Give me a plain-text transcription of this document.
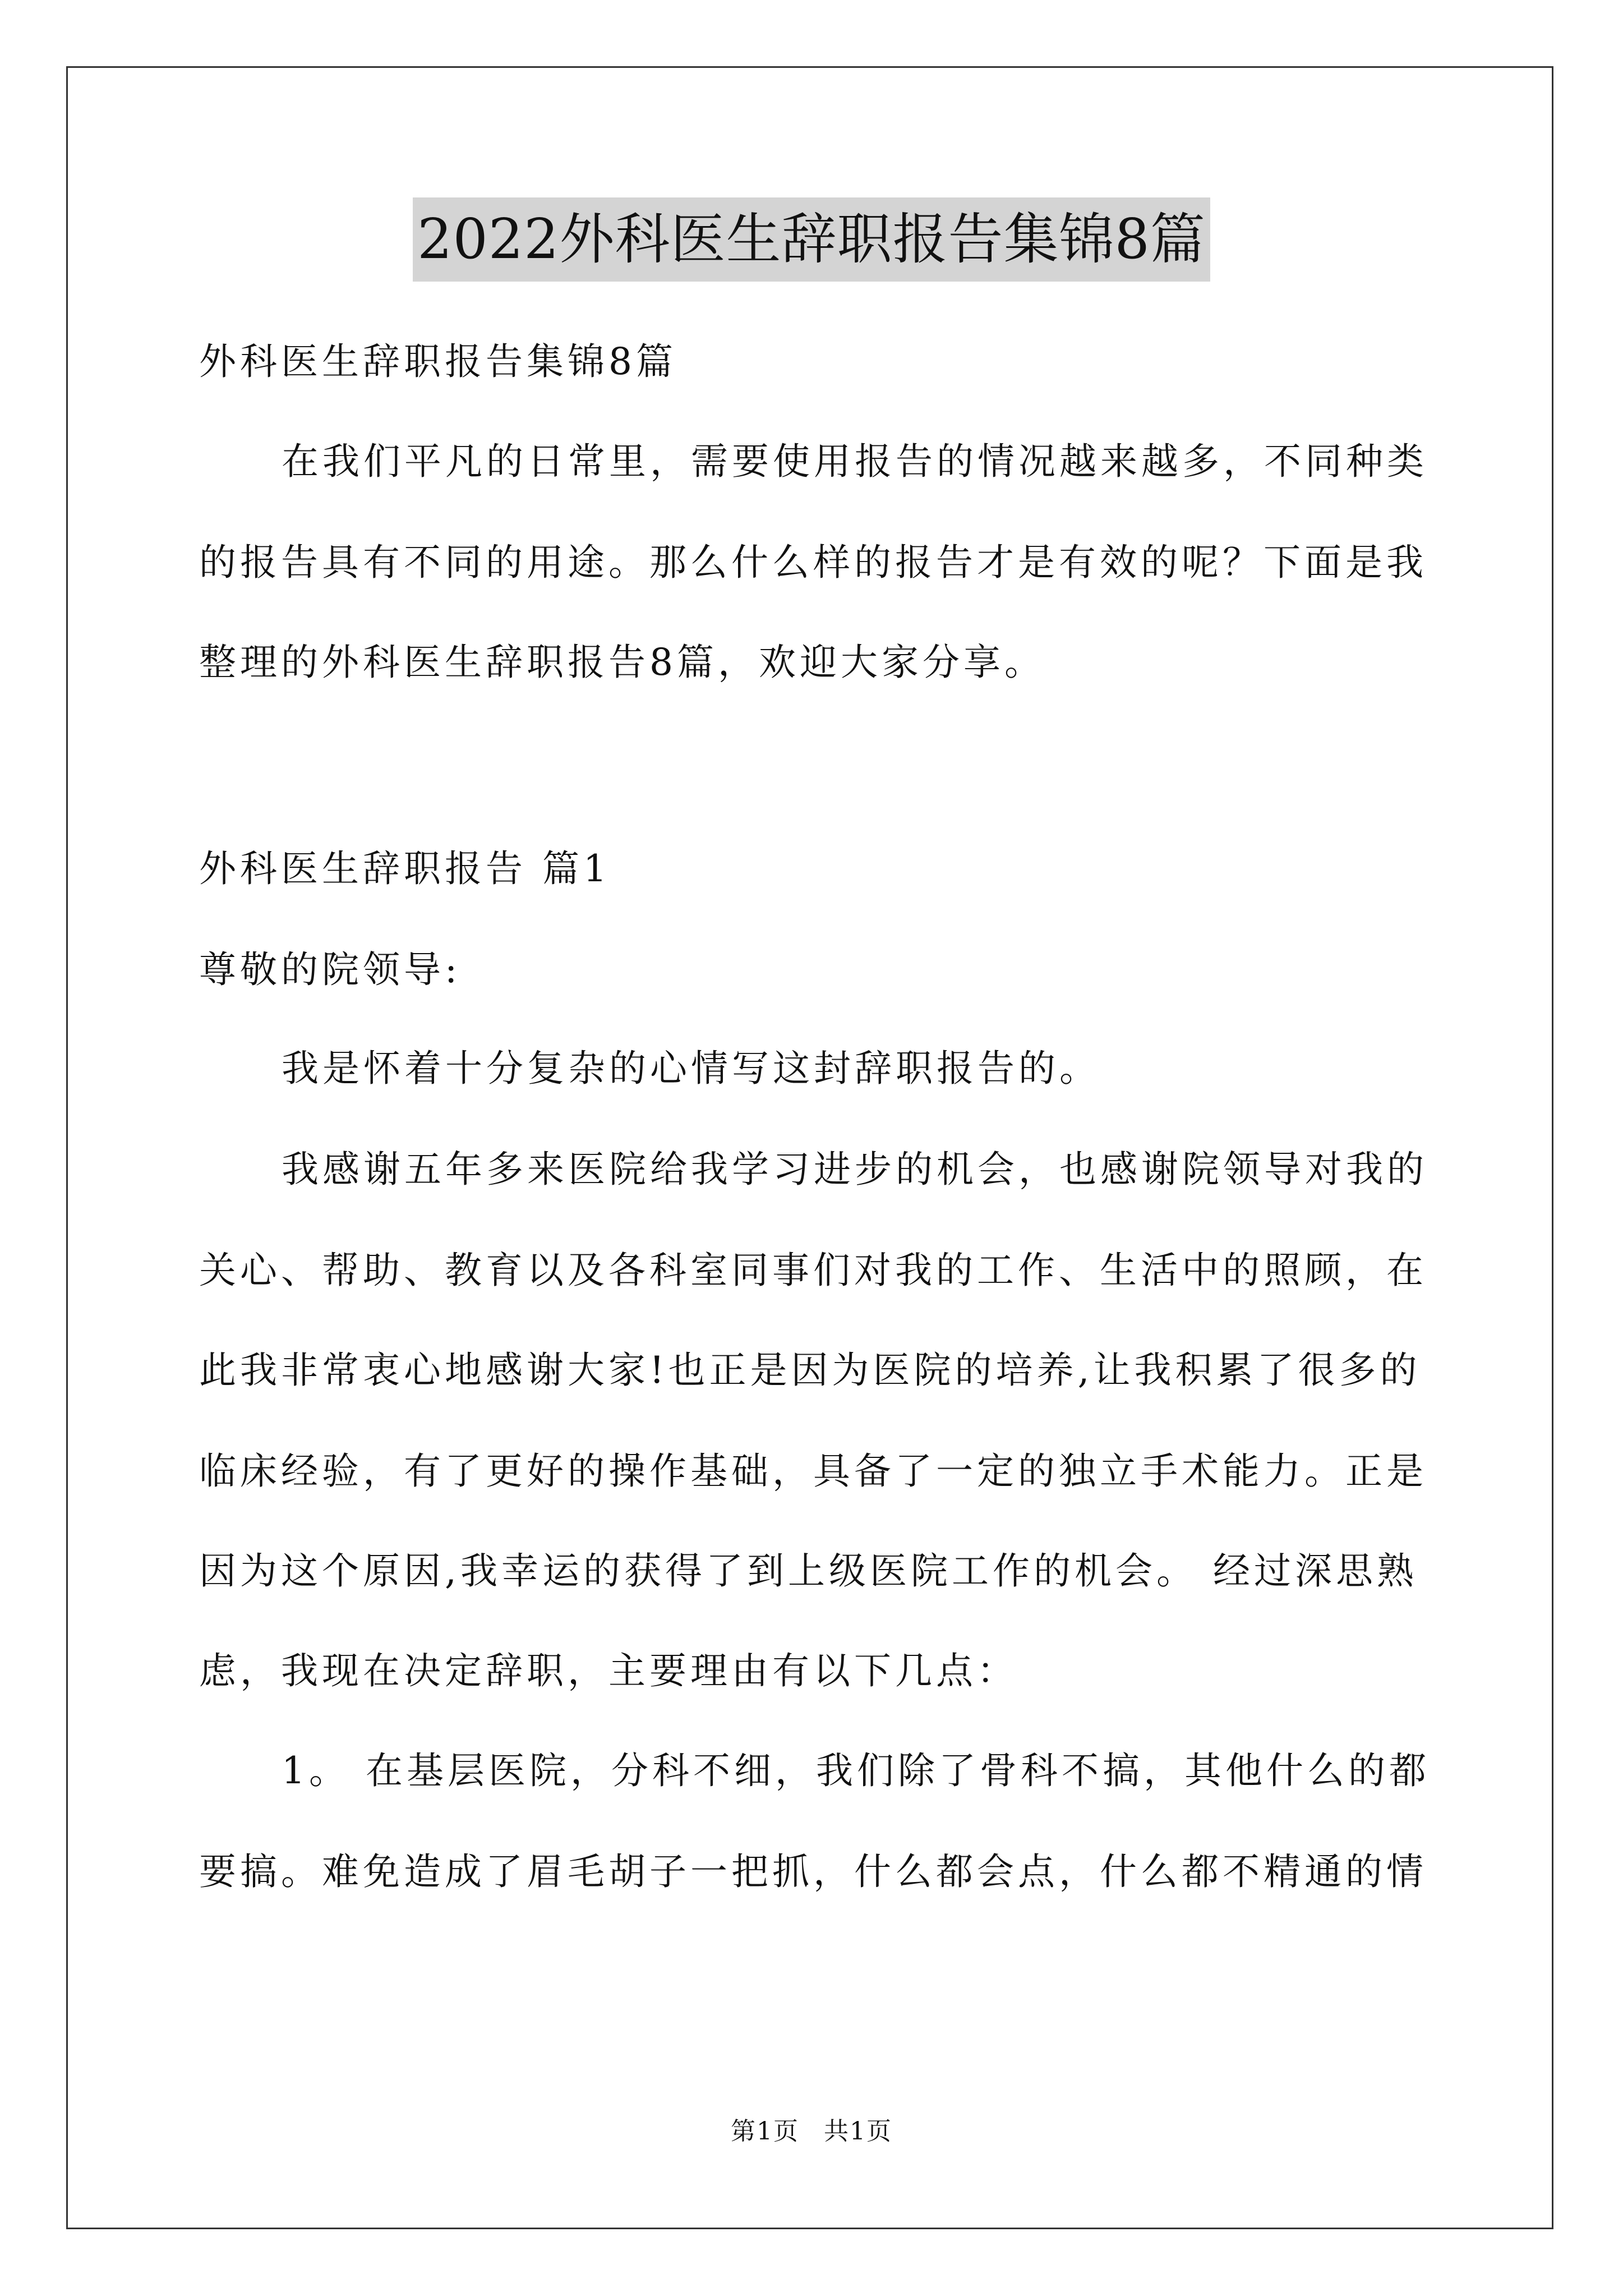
2022外科医生辞职报告集锦8篇
外科医生辞职报告集锦8篇
在我们平凡的日常里，需要使用报告的情况越来越多，不同种类
的报告具有不同的用途。那么什么样的报告才是有效的呢？下面是我
整理的外科医生辞职报告8篇，欢迎大家分享。
外科医生辞职报告 篇1
尊敬的院领导:
我是怀着十分复杂的心情写这封辞职报告的。
我感谢五年多来医院给我学习进步的机会，也感谢院领导对我的
关心、帮助、教育以及各科室同事们对我的工作、生活中的照顾，在
此我非常衷心地感谢大家!也正是因为医院的培养,让我积累了很多的
临床经验，有了更好的操作基础，具备了一定的独立手术能力。正是
因为这个原因,我幸运的获得了到上级医院工作的机会。 经过深思熟
虑，我现在决定辞职，主要理由有以下几点：
1。 在基层医院，分科不细，我们除了骨科不搞，其他什么的都
要搞。难免造成了眉毛胡子一把抓，什么都会点，什么都不精通的情
第1页 共1页
